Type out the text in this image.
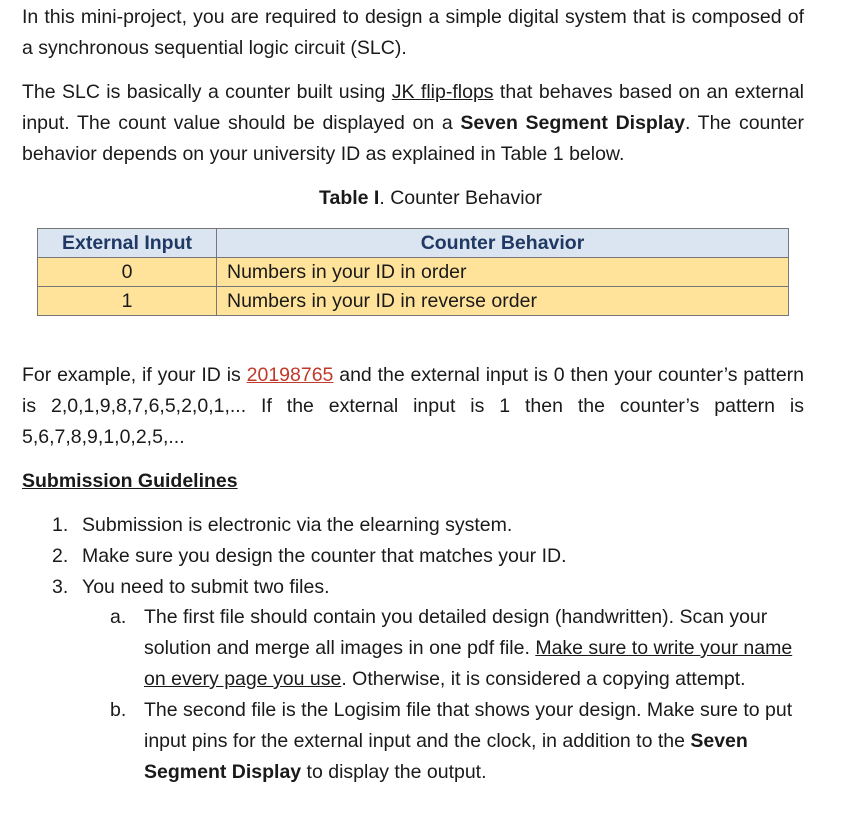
In this mini-project, you are required to design a simple digital system that is composed of a synchronous sequential logic circuit (SLC).

The SLC is basically a counter built using JK flip-flops that behaves based on an external input. The count value should be displayed on a Seven Segment Display. The counter behavior depends on your university ID as explained in Table 1 below.

Table I. Counter Behavior
External Input	Counter Behavior
0	Numbers in your ID in order
1	Numbers in your ID in reverse order

For example, if your ID is 20198765 and the external input is 0 then your counter’s pattern is 2,0,1,9,8,7,6,5,2,0,1,... If the external input is 1 then the counter’s pattern is 5,6,7,8,9,1,0,2,5,...

Submission Guidelines
1. Submission is electronic via the elearning system.
2. Make sure you design the counter that matches your ID.
3. You need to submit two files.
a. The first file should contain you detailed design (handwritten). Scan your solution and merge all images in one pdf file. Make sure to write your name on every page you use. Otherwise, it is considered a copying attempt.
b. The second file is the Logisim file that shows your design. Make sure to put input pins for the external input and the clock, in addition to the Seven Segment Display to display the output.
